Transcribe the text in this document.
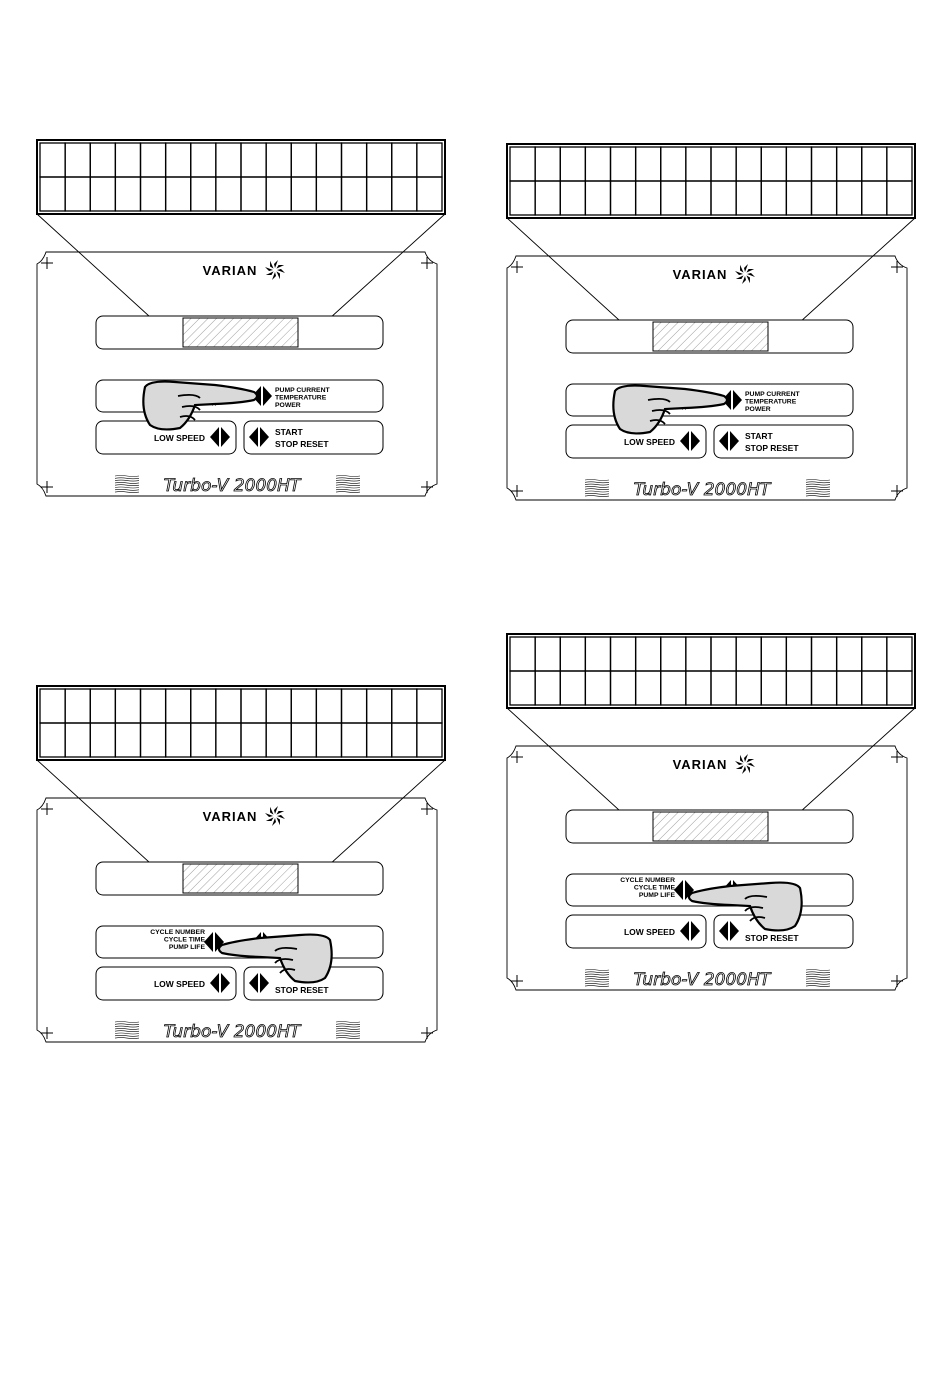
VARIAN
PUMP CURRENT
TEMPERATURE
POWER
LOW SPEED
START
STOP RESET
Turbo-V 2000HT
VARIAN
PUMP CURRENT
TEMPERATURE
POWER
LOW SPEED
START
STOP RESET
Turbo-V 2000HT
VARIAN
CYCLE NUMBER
CYCLE TIME
PUMP LIFE
LOW SPEED
STOP RESET
Turbo-V 2000HT
VARIAN
CYCLE NUMBER
CYCLE TIME
PUMP LIFE
LOW SPEED
STOP RESET
Turbo-V 2000HT
